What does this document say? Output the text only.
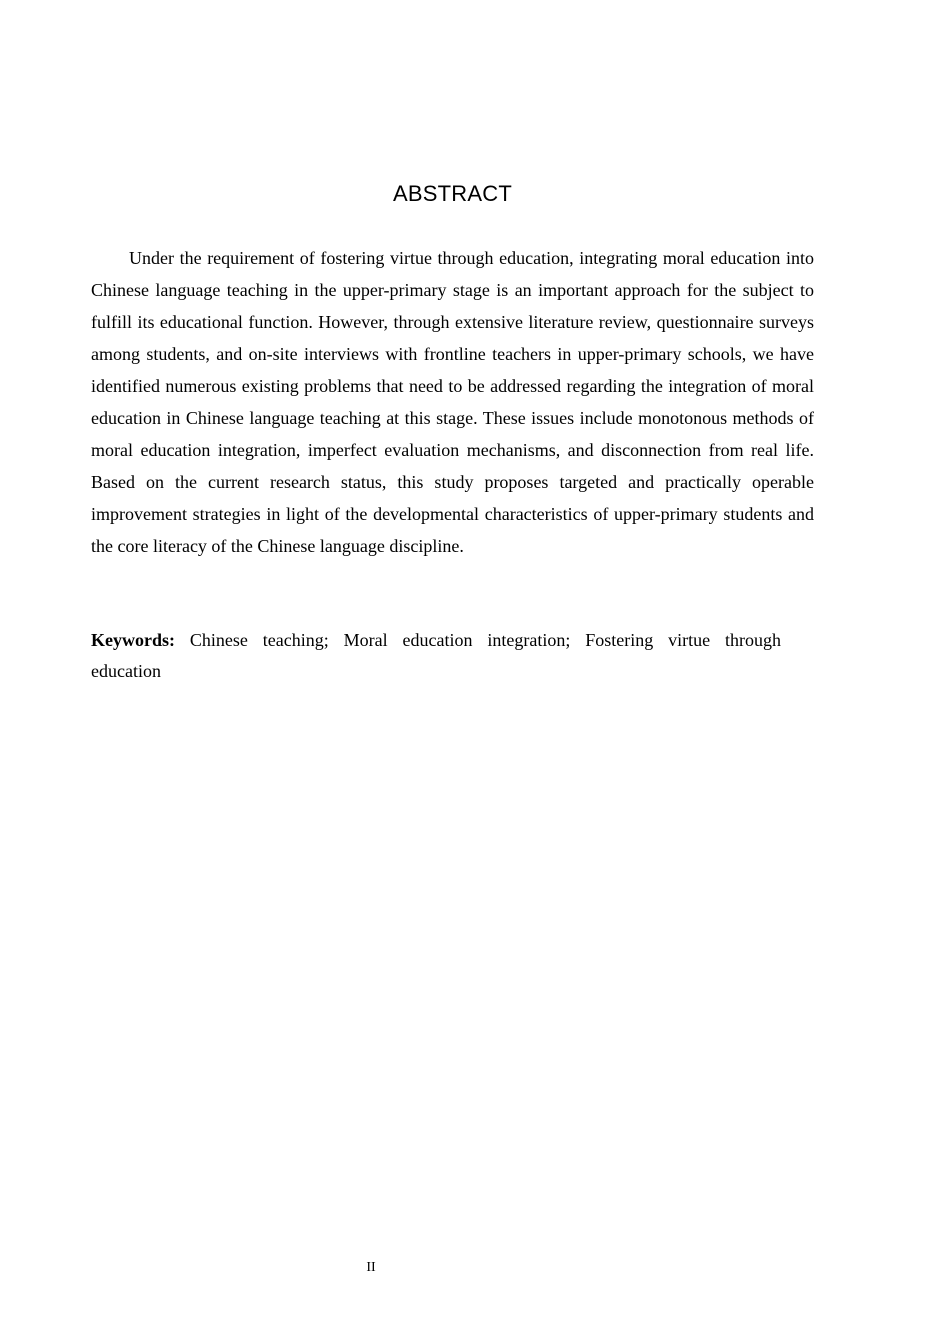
ABSTRACT

Under the requirement of fostering virtue through education, integrating moral education into Chinese language teaching in the upper-primary stage is an important approach for the subject to fulfill its educational function. However, through extensive literature review, questionnaire surveys among students, and on-site interviews with frontline teachers in upper-primary schools, we have identified numerous existing problems that need to be addressed regarding the integration of moral education in Chinese language teaching at this stage. These issues include monotonous methods of moral education integration, imperfect evaluation mechanisms, and disconnection from real life. Based on the current research status, this study proposes targeted and practically operable improvement strategies in light of the developmental characteristics of upper-primary students and the core literacy of the Chinese language discipline.

Keywords: Chinese teaching; Moral education integration; Fostering virtue through education

II
